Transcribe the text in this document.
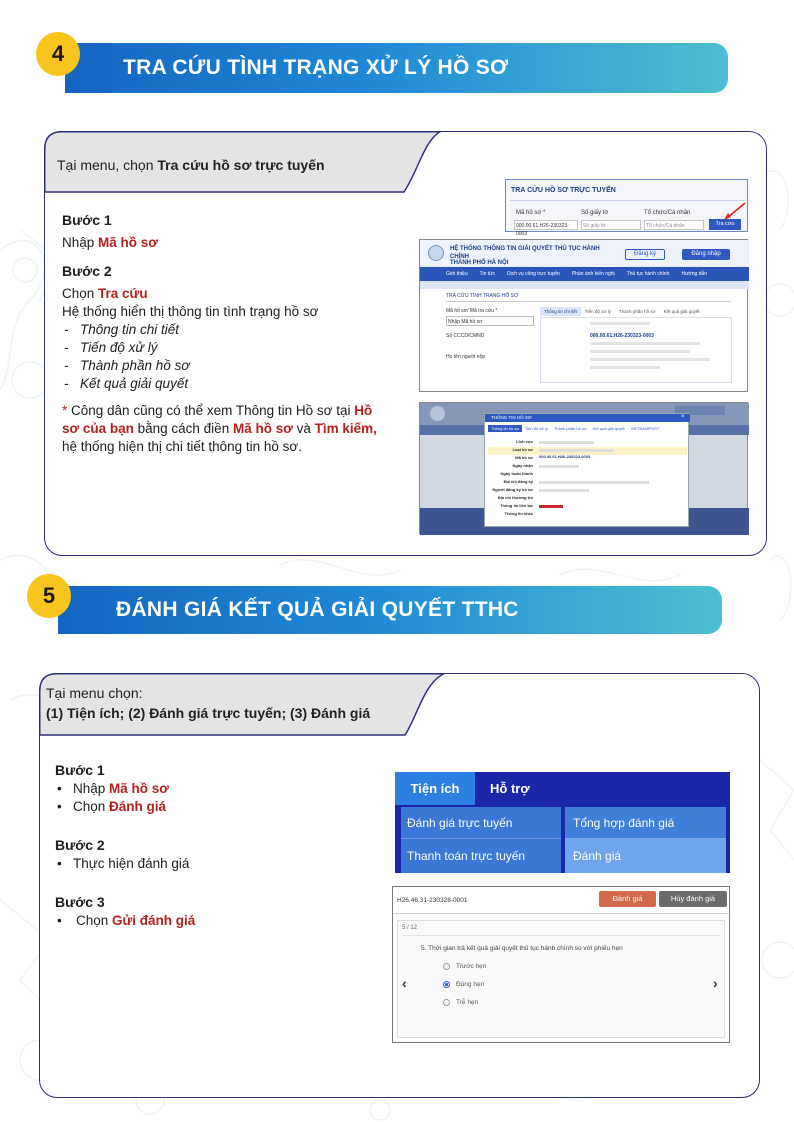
TRA CỨU TÌNH TRẠNG XỬ LÝ HỒ SƠ
4
Tại menu, chọn Tra cứu hồ sơ trực tuyến
Bước 1
Nhập Mã hồ sơ
Bước 2
Chọn Tra cứu
Hệ thống hiển thị thông tin tình trạng hồ sơ
- Thông tin chi tiết
- Tiến độ xử lý
- Thành phần hồ sơ
- Kết quả giải quyết
* Công dân cũng có thể xem Thông tin Hồ sơ tại Hồ sơ của bạn bằng cách điền Mã hồ sơ và Tìm kiếm, hệ thống hiện thị chi tiết thông tin hồ sơ.
TRA CỨU HỒ SƠ TRỰC TUYẾN
Mã hồ sơ *	Số giấy tờ	Tổ chức/Cá nhân
000.00.61.H26-230323-0003
Số giấy tờ	Tổ chức/Cá nhân	Tra cứu
HỆ THỐNG THÔNG TIN GIẢI QUYẾT THỦ TỤC HÀNH CHÍNH
THÀNH PHỐ HÀ NỘI
Đăng ký	Đăng nhập
Giới thiệu Tin tức Dịch vụ công trực tuyến Phản ánh kiến nghị Thủ tục hành chính Hướng dẫn
TRA CỨU TÌNH TRẠNG HỒ SƠ
Mã hồ sơ/ Mã tra cứu *
Nhập Mã hồ sơ
Số CCCD/CMND
Họ tên người nộp
Thông tin chi tiết	Tiến độ xử lý	Thành phần hồ sơ	Kết quả giải quyết
000.00.61.H26-230323-0003
THÔNG TIN HỒ SƠ	×
Thông tin hồ sơ	Tiến độ xử lý	Thành phần hồ sơ	Kết quả giải quyết	VIETNAMPOST
Lĩnh vực
Loại hồ sơ
Mã hồ sơ
Ngày nhận
Ngày hoàn thành
Địa chỉ đăng ký
Người đăng ký hồ sơ
Địa chỉ thường trú
Thông tin liên lạc
Thông tin khác
000.00.61.H26-230323-0003
ĐÁNH GIÁ KẾT QUẢ GIẢI QUYẾT TTHC
5
Tại menu chọn:
(1) Tiện ích; (2) Đánh giá trực tuyến; (3) Đánh giá
Bước 1
• Nhập Mã hồ sơ
• Chọn Đánh giá
Bước 2
• Thực hiện đánh giá
Bước 3
• Chọn Gửi đánh giá
Tiện ích	Hỗ trợ
Đánh giá trực tuyến
Thanh toán trực tuyến
Tổng hợp đánh giá
Đánh giá
H26.46.31-230328-0001	Đánh giá	Hủy đánh giá
5 / 12
5. Thời gian trả kết quả giải quyết thủ tục hành chính so với phiếu hẹn
Trước hẹn
Đúng hẹn
Trễ hẹn
‹	›
